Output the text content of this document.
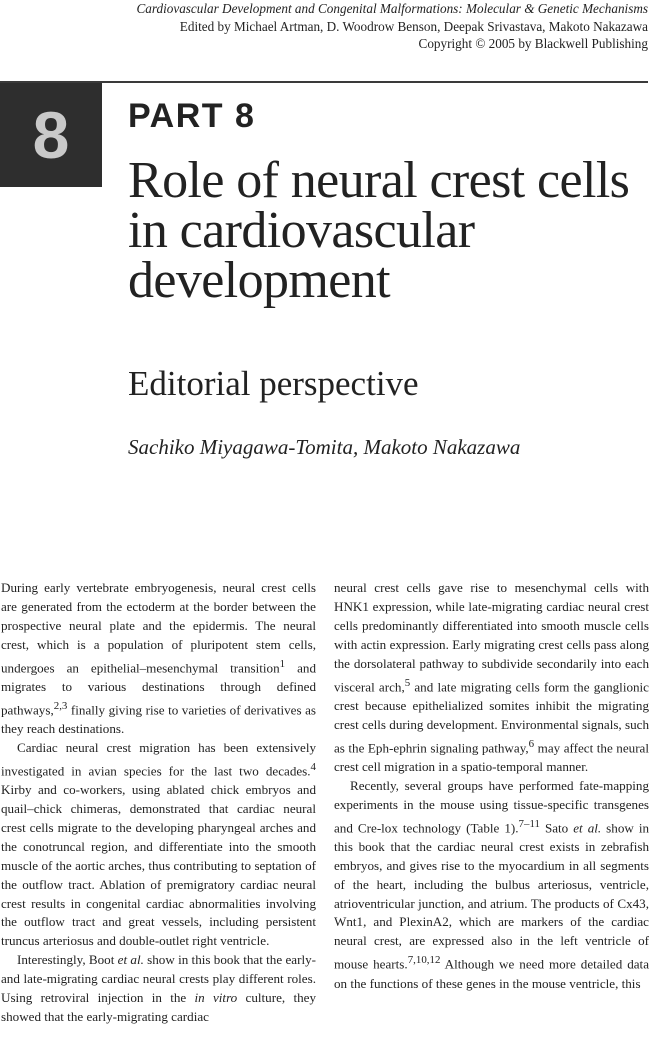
Cardiovascular Development and Congenital Malformations: Molecular & Genetic Mechanisms
Edited by Michael Artman, D. Woodrow Benson, Deepak Srivastava, Makoto Nakazawa
Copyright © 2005 by Blackwell Publishing
8 PART 8
Role of neural crest cells in cardiovascular development
Editorial perspective
Sachiko Miyagawa-Tomita, Makoto Nakazawa

During early vertebrate embryogenesis, neural crest cells are generated from the ectoderm at the border between the prospective neural plate and the epidermis. The neural crest, which is a population of pluripotent stem cells, undergoes an epithelial–mesenchymal transition$^1$ and migrates to various destinations through defined pathways,$^{2,3}$ finally giving rise to varieties of derivatives as they reach destinations.

Cardiac neural crest migration has been extensively investigated in avian species for the last two decades.$^4$ Kirby and co-workers, using ablated chick embryos and quail–chick chimeras, demonstrated that cardiac neural crest cells migrate to the developing pharyngeal arches and the conotruncal region, and differentiate into the smooth muscle of the aortic arches, thus contributing to septation of the outflow tract. Ablation of premigratory cardiac neural crest results in congenital cardiac abnormalities involving the outflow tract and great vessels, including persistent truncus arteriosus and double-outlet right ventricle.

Interestingly, Boot et al. show in this book that the early- and late-migrating cardiac neural crests play different roles. Using retroviral injection in the in vitro culture, they showed that the early-migrating cardiac

neural crest cells gave rise to mesenchymal cells with HNK1 expression, while late-migrating cardiac neural crest cells predominantly differentiated into smooth muscle cells with actin expression. Early migrating crest cells pass along the dorsolateral pathway to subdivide secondarily into each visceral arch,$^5$ and late migrating cells form the ganglionic crest because epithelialized somites inhibit the migrating crest cells during development. Environmental signals, such as the Eph-ephrin signaling pathway,$^6$ may affect the neural crest cell migration in a spatio-temporal manner.

Recently, several groups have performed fate-mapping experiments in the mouse using tissue-specific transgenes and Cre-lox technology (Table 1).$^{7-11}$ Sato et al. show in this book that the cardiac neural crest exists in zebrafish embryos, and gives rise to the myocardium in all segments of the heart, including the bulbus arteriosus, ventricle, atrioventricular junction, and atrium. The products of Cx43, Wnt1, and PlexinA2, which are markers of the cardiac neural crest, are expressed also in the left ventricle of mouse hearts.$^{7,10,12}$ Although we need more detailed data on the functions of these genes in the mouse ventricle, this
